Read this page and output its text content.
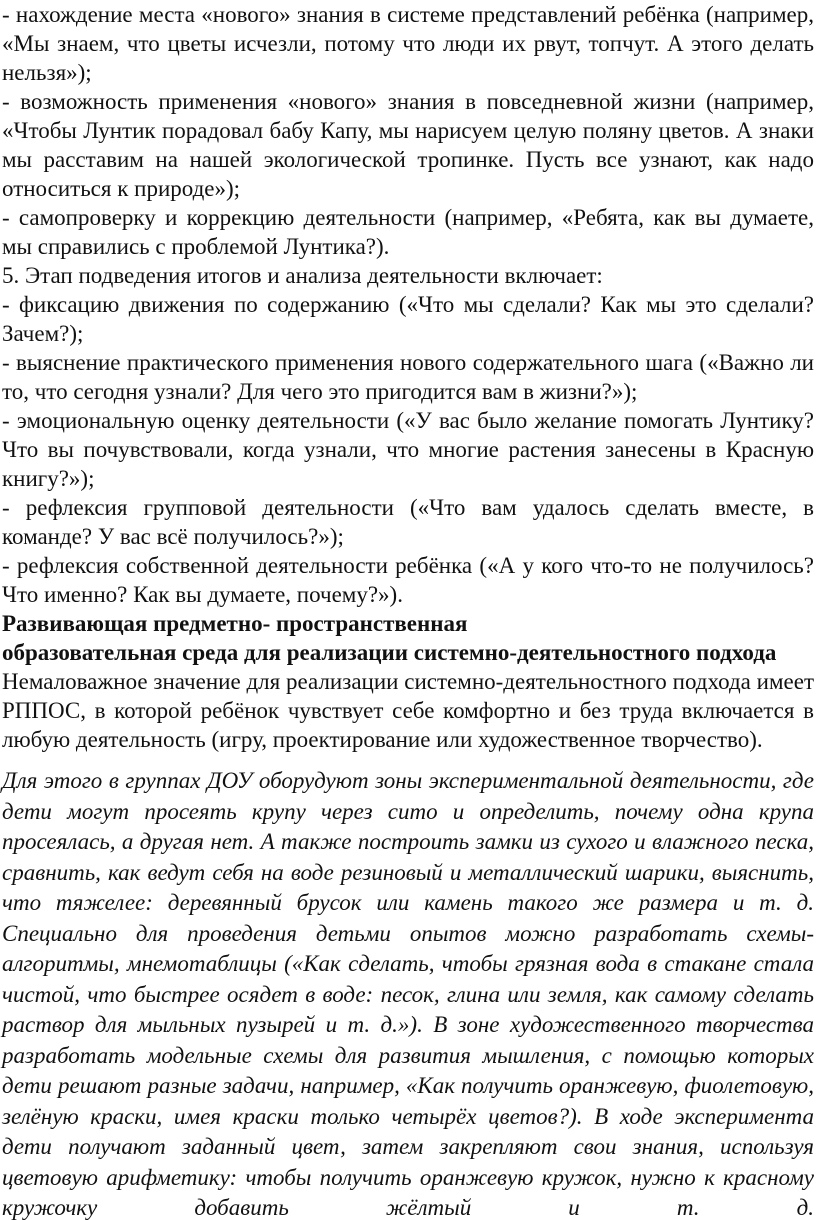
- нахождение места «нового» знания в системе представлений ребёнка (например, «Мы знаем, что цветы исчезли, потому что люди их рвут, топчут. А этого делать нельзя»);

- возможность применения «нового» знания в повседневной жизни (например, «Чтобы Лунтик порадовал бабу Капу, мы нарисуем целую поляну цветов. А знаки мы расставим на нашей экологической тропинке. Пусть все узнают, как надо относиться к природе»);

- самопроверку и коррекцию деятельности (например, «Ребята, как вы думаете, мы справились с проблемой Лунтика?).

5. Этап подведения итогов и анализа деятельности включает:

- фиксацию движения по содержанию («Что мы сделали? Как мы это сделали? Зачем?);

- выяснение практического применения нового содержательного шага («Важно ли то, что сегодня узнали? Для чего это пригодится вам в жизни?»);

- эмоциональную оценку деятельности («У вас было желание помогать Лунтику? Что вы почувствовали, когда узнали, что многие растения занесены в Красную книгу?»);

- рефлексия групповой деятельности («Что вам удалось сделать вместе, в команде? У вас всё получилось?»);

- рефлексия собственной деятельности ребёнка («А у кого что-то не получилось? Что именно? Как вы думаете, почему?»).

Развивающая предметно- пространственная

образовательная среда для реализации системно-деятельностного подхода

Немаловажное значение для реализации системно-деятельностного подхода имеет РППОС, в которой ребёнок чувствует себе комфортно и без труда включается в любую деятельность (игру, проектирование или художественное творчество).

Для этого в группах ДОУ оборудуют зоны экспериментальной деятельности, где дети могут просеять крупу через сито и определить, почему одна крупа просеялась, а другая нет. А также построить замки из сухого и влажного песка, сравнить, как ведут себя на воде резиновый и металлический шарики, выяснить, что тяжелее: деревянный брусок или камень такого же размера и т. д. Специально для проведения детьми опытов можно разработать схемы-алгоритмы, мнемотаблицы («Как сделать, чтобы грязная вода в стакане стала чистой, что быстрее осядет в воде: песок, глина или земля, как самому сделать раствор для мыльных пузырей и т. д.»). В зоне художественного творчества разработать модельные схемы для развития мышления, с помощью которых дети решают разные задачи, например, «Как получить оранжевую, фиолетовую, зелёную краски, имея краски только четырёх цветов?). В ходе эксперимента дети получают заданный цвет, затем закрепляют свои знания, используя цветовую арифметику: чтобы получить оранжевую кружок, нужно к красному кружочку добавить жёлтый и т. д.
